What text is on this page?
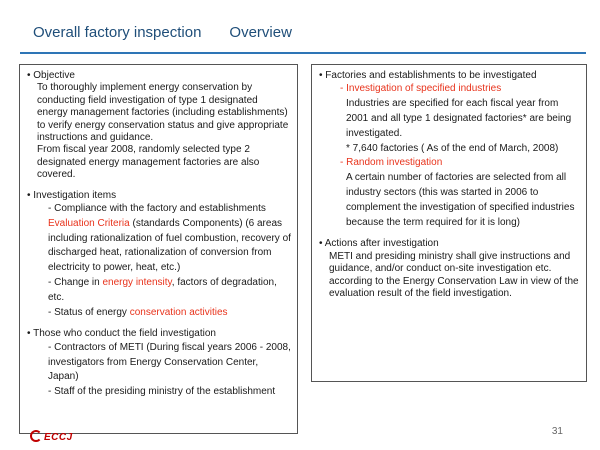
Overall factory inspection Overview

• Objective

To thoroughly implement energy conservation by conducting field investigation of type 1 designated energy management factories (including establishments) to verify energy conservation status and give appropriate instructions and guidance.

From fiscal year 2008, randomly selected type 2 designated energy management factories are also covered.

• Investigation items

- Compliance with the factory and establishments Evaluation Criteria (standards Components) (6 areas including rationalization of fuel combustion, recovery of discharged heat, rationalization of conversion from electricity to power, heat, etc.)

- Change in energy intensity, factors of degradation, etc.

- Status of energy conservation activities

• Those who conduct the field investigation

- Contractors of METI (During fiscal years 2006 - 2008, investigators from Energy Conservation Center, Japan)

- Staff of the presiding ministry of the establishment

• Factories and establishments to be investigated

- Investigation of specified industries

Industries are specified for each fiscal year from 2001 and all type 1 designated factories* are being investigated.

* 7,640 factories ( As of the end of March, 2008)

- Random investigation

A certain number of factories are selected from all industry sectors (this was started in 2006 to complement the investigation of specified industries because the term required for it is long)

• Actions after investigation

METI and presiding ministry shall give instructions and guidance, and/or conduct on-site investigation etc. according to the Energy Conservation Law in view of the evaluation result of the field investigation.

ECCJ
31
